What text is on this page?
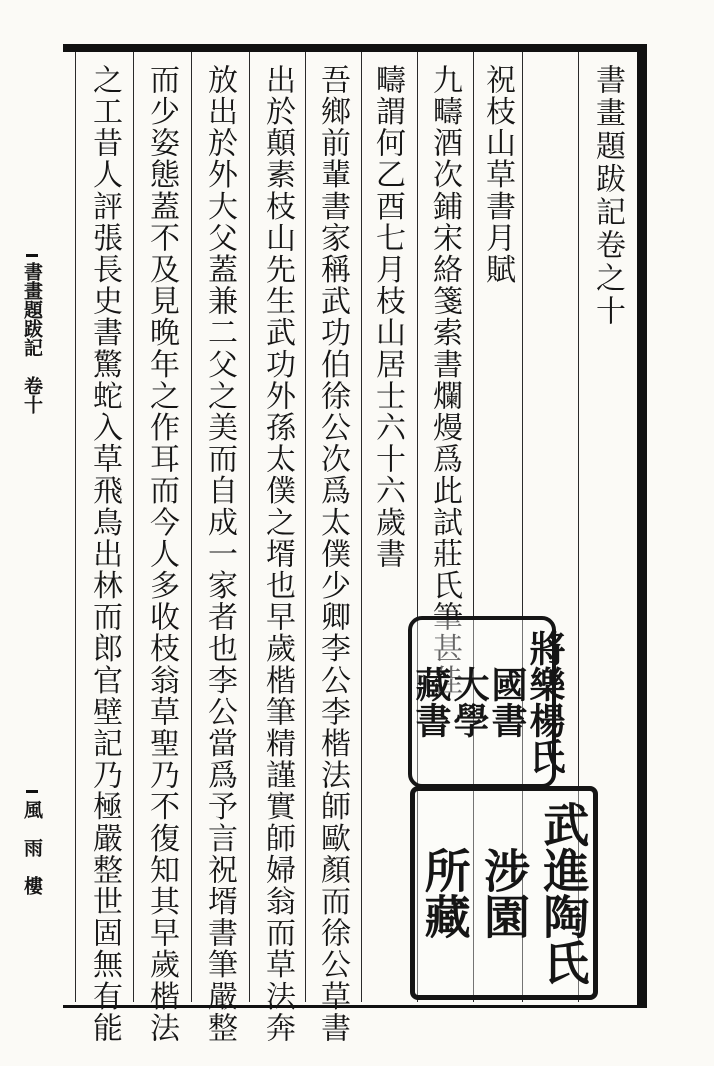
書畫題跋記卷之十
祝枝山草書月賦
九疇酒次鋪宋絡箋索書爛熳爲此試莊氏筆甚佳
疇謂何乙酉七月枝山居士六十六歲書
吾鄉前輩書家稱武功伯徐公次爲太僕少卿李公李楷法師歐顏而徐公草書
出於顛素枝山先生武功外孫太僕之壻也早歲楷筆精謹實師婦翁而草法奔
放出於外大父蓋兼二父之美而自成一家者也李公當爲予言祝壻書筆嚴整
而少姿態蓋不及見晚年之作耳而今人多收枝翁草聖乃不復知其早歲楷法
之工昔人評張長史書驚蛇入草飛鳥出林而郎官壁記乃極嚴整世固無有能
書畫題跋記　卷十
風　雨　樓
將樂楊氏
國書
大學
藏書
武進陶氏
涉園
所藏
